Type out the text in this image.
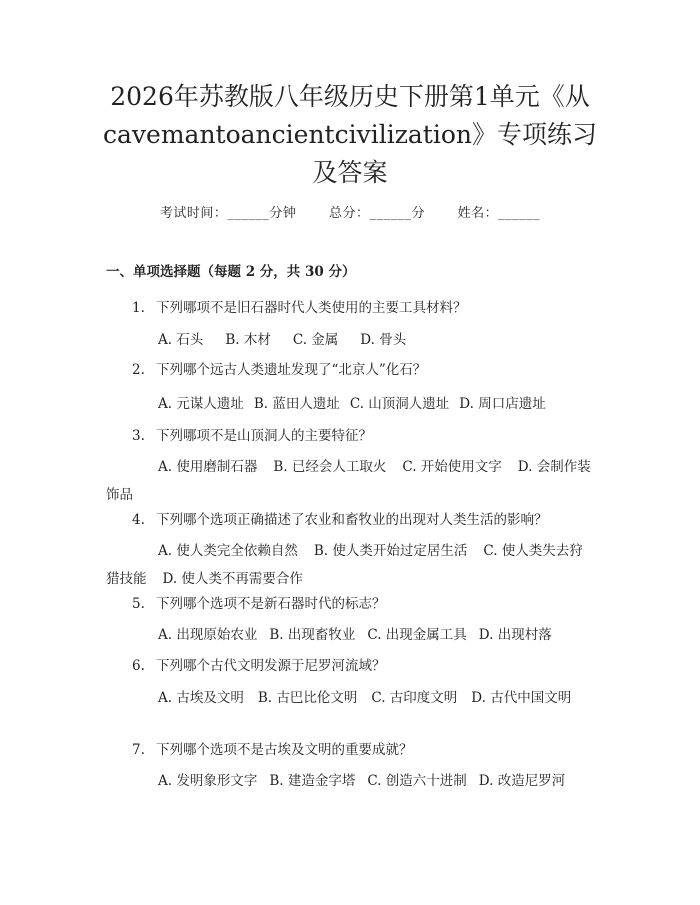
2026年苏教版八年级历史下册第1单元《从
cavemantoancientcivilization》专项练习
及答案
考试时间：______分钟	总分：______分	姓名：______
一、单项选择题（每题 2 分，共 30 分）
1. 下列哪项不是旧石器时代人类使用的主要工具材料？
A. 石头 B. 木材 C. 金属 D. 骨头
2. 下列哪个远古人类遗址发现了“北京人”化石？
A. 元谋人遗址 B. 蓝田人遗址 C. 山顶洞人遗址 D. 周口店遗址
3. 下列哪项不是山顶洞人的主要特征？
A. 使用磨制石器 B. 已经会人工取火 C. 开始使用文字 D. 会制作装饰品
4. 下列哪个选项正确描述了农业和畜牧业的出现对人类生活的影响？
A. 使人类完全依赖自然 B. 使人类开始过定居生活 C. 使人类失去狩猎技能 D. 使人类不再需要合作
5. 下列哪个选项不是新石器时代的标志？
A. 出现原始农业 B. 出现畜牧业 C. 出现金属工具 D. 出现村落
6. 下列哪个古代文明发源于尼罗河流域？
A. 古埃及文明 B. 古巴比伦文明 C. 古印度文明 D. 古代中国文明
7. 下列哪个选项不是古埃及文明的重要成就？
A. 发明象形文字 B. 建造金字塔 C. 创造六十进制 D. 改造尼罗河
